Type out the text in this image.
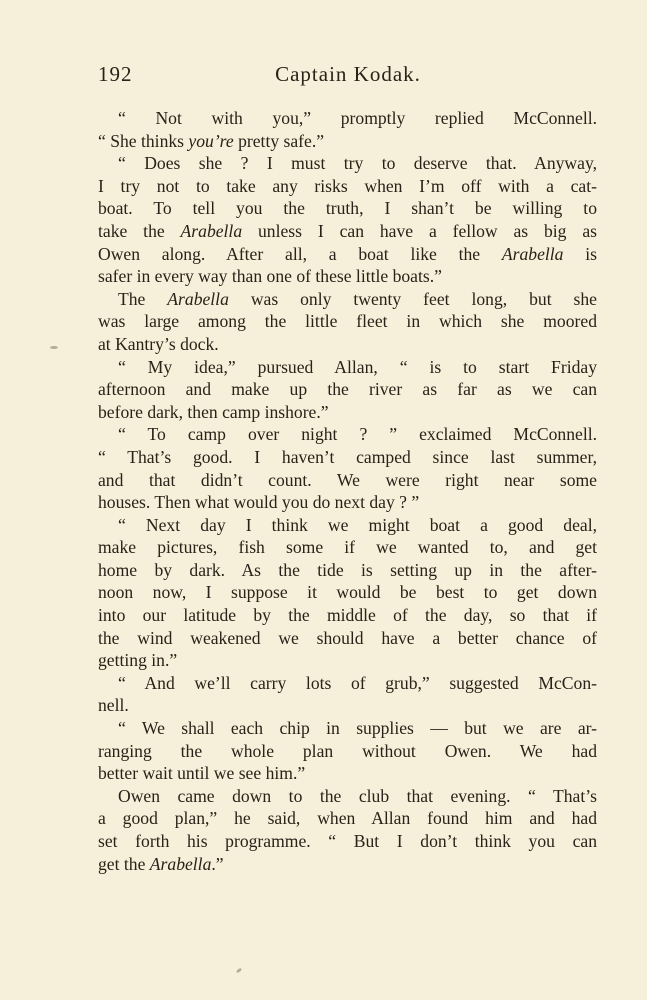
192	Captain Kodak.
“ Not with you,” promptly replied McConnell.
“ She thinks you’re pretty safe.”
“ Does she ? I must try to deserve that. Anyway,
I try not to take any risks when I’m off with a cat-
boat. To tell you the truth, I shan’t be willing to
take the Arabella unless I can have a fellow as big as
Owen along. After all, a boat like the Arabella is
safer in every way than one of these little boats.”
The Arabella was only twenty feet long, but she
was large among the little fleet in which she moored
at Kantry’s dock.
“ My idea,” pursued Allan, “ is to start Friday
afternoon and make up the river as far as we can
before dark, then camp inshore.”
“ To camp over night ? ” exclaimed McConnell.
“ That’s good. I haven’t camped since last summer,
and that didn’t count. We were right near some
houses. Then what would you do next day ? ”
“ Next day I think we might boat a good deal,
make pictures, fish some if we wanted to, and get
home by dark. As the tide is setting up in the after-
noon now, I suppose it would be best to get down
into our latitude by the middle of the day, so that if
the wind weakened we should have a better chance of
getting in.”
“ And we’ll carry lots of grub,” suggested McCon-
nell.
“ We shall each chip in supplies — but we are ar-
ranging the whole plan without Owen. We had
better wait until we see him.”
Owen came down to the club that evening. “ That’s
a good plan,” he said, when Allan found him and had
set forth his programme. “ But I don’t think you can
get the Arabella.”
